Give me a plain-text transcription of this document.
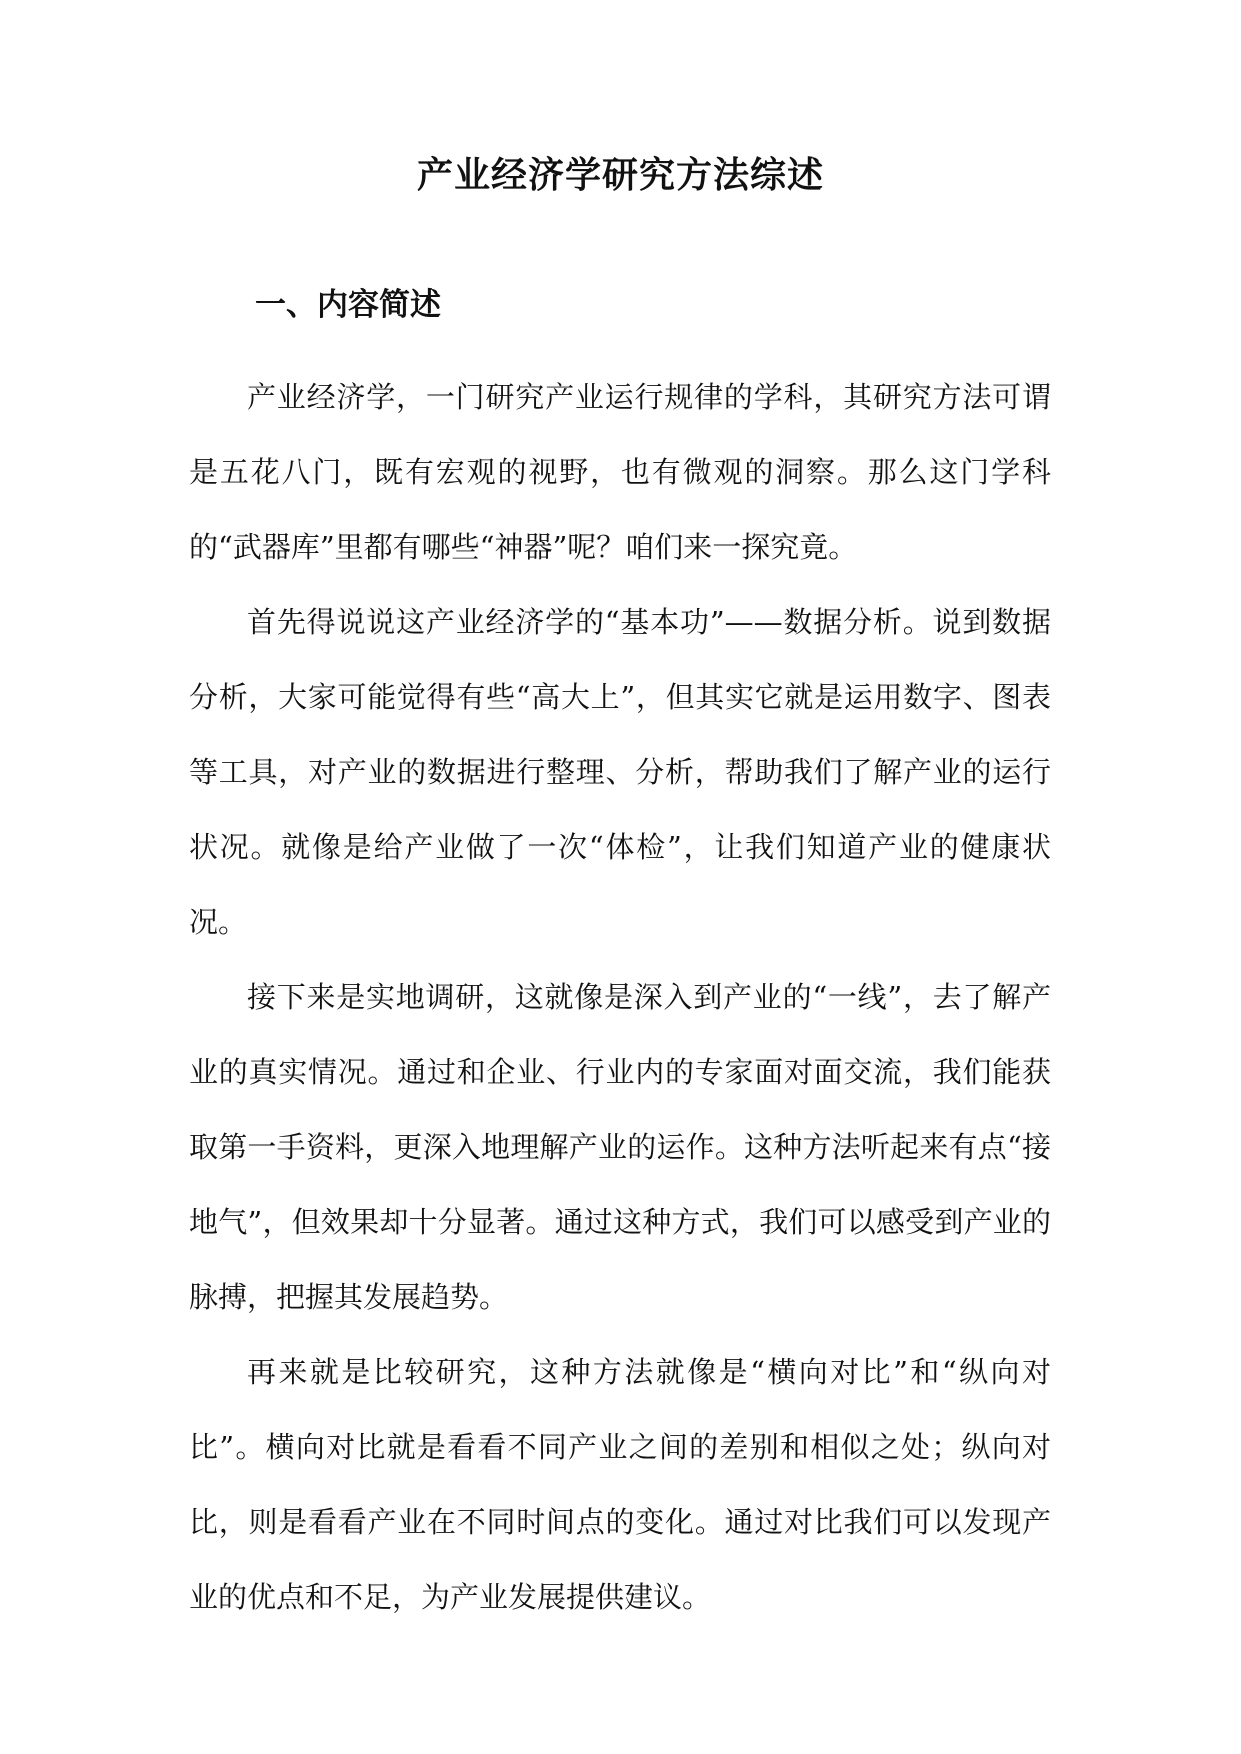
产业经济学研究方法综述
一、内容简述

产业经济学，一门研究产业运行规律的学科，其研究方法可谓是五花八门，既有宏观的视野，也有微观的洞察。那么这门学科的“武器库”里都有哪些“神器”呢？咱们来一探究竟。

首先得说说这产业经济学的“基本功”——数据分析。说到数据分析，大家可能觉得有些“高大上”，但其实它就是运用数字、图表等工具，对产业的数据进行整理、分析，帮助我们了解产业的运行状况。就像是给产业做了一次“体检”，让我们知道产业的健康状况。

接下来是实地调研，这就像是深入到产业的“一线”，去了解产业的真实情况。通过和企业、行业内的专家面对面交流，我们能获取第一手资料，更深入地理解产业的运作。这种方法听起来有点“接地气”，但效果却十分显著。通过这种方式，我们可以感受到产业的脉搏，把握其发展趋势。

再来就是比较研究，这种方法就像是“横向对比”和“纵向对比”。横向对比就是看看不同产业之间的差别和相似之处；纵向对比，则是看看产业在不同时间点的变化。通过对比我们可以发现产业的优点和不足，为产业发展提供建议。
